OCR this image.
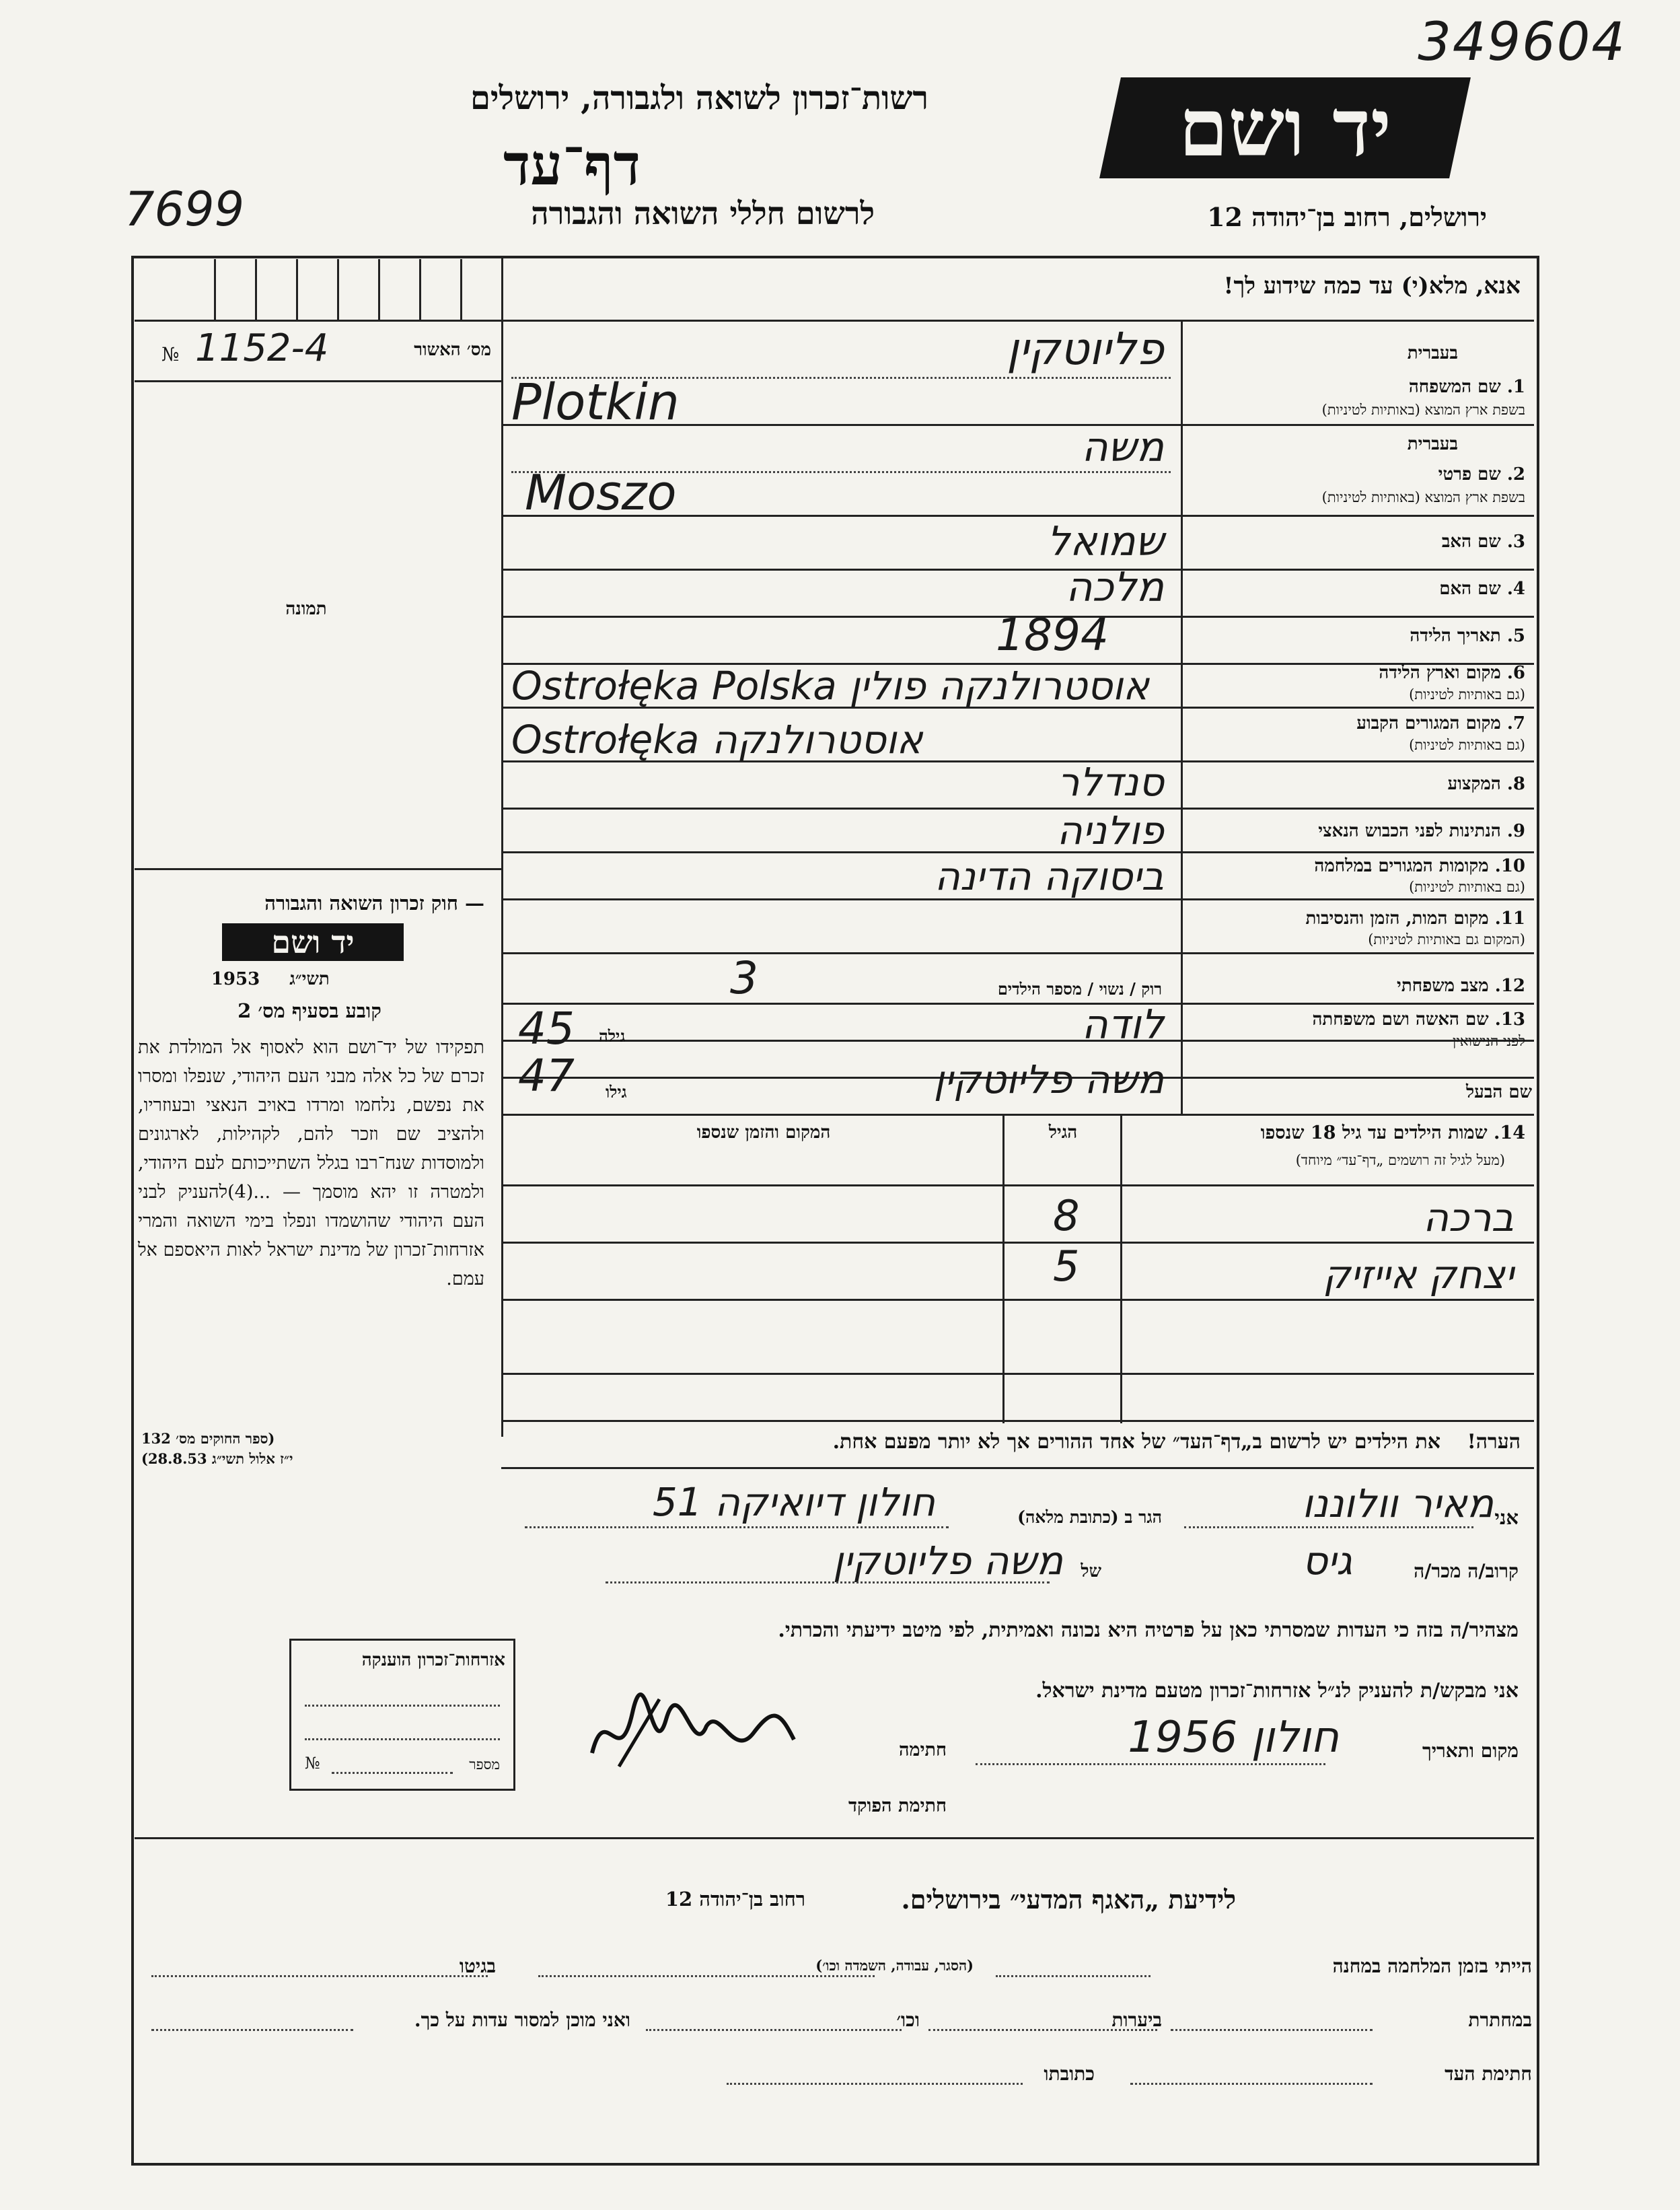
349604
7699
יד ושם
רשות־זכרון לשואה ולגבורה, ירושלים
דף־עד
לרשום חללי השואה והגבורה	ירושלים, רחוב בן־יהודה 12
אנא, מלא(י) עד כמה שידוע לך!
מס׳ האשור
1152-4
№
תמונה
— חוק זכרון השואה והגבורה
יד ושם
תשי״ג
1953
קובע בסעיף מס׳ 2
תפקידו של יד־ושם הוא לאסוף אל המולדת את זכרם של כל אלה מבני העם היהודי, שנפלו ומסרו את נפשם, נלחמו ומרדו באויב הנאצי ובעוזריו, ולהציב שם וזכר להם, לקהילות, לארגונים ולמוסדות שנח־רבו בגלל השתייכותם לעם היהודי, ולמטרה זו יהא מוסמך — ...(4)להעניק לבני העם היהודי שהושמדו ונפלו בימי השואה והמרי אזרחות־זכרון של מדינת ישראל לאות היאספם אל עמם.
(ספר החוקים מס׳ 132
י״ז אלול תשי״ג 28.8.53)
אזרחות־זכרון הוענקה
מספר
№
בעברית
1. שם המשפחה
בשפת ארץ המוצא (באותיות לטיניות)
פליוטקין
Plotkin
בעברית
2. שם פרטי
בשפת ארץ המוצא (באותיות לטיניות)
משה
Moszo
3. שם האב
שמואל
4. שם האם
מלכה
5. תאריך הלידה
1894
6. מקום וארץ הלידה
(גם באותיות לטיניות)
Ostrołęka Polska אוסטרולנקה פולין
7. מקום המגורים הקבוע
(גם באותיות לטיניות)
Ostrołęka אוסטרולנקה
8. המקצוע
סנדלר
9. הנתינות לפני הכבוש הנאצי
פולניה
10. מקומות המגורים במלחמה
(גם באותיות לטיניות)
ביסוקה הדינה
11. מקום המות, הזמן והנסיבות
(המקום גם באותיות לטיניות)
12. מצב משפחתי
רוק / נשוי / מספר הילדים
3
13. שם האשה ושם משפחתה
לפני הנישואין
לודה
גילה
45
שם הבעל
משה פליוטקין
גילו
47
14. שמות הילדים עד גיל 18 שנספו
(מעל לגיל זה רושמים „דף־עד״ מיוחד)
הגיל
המקום והזמן שנספו
ברכה
8
יצחק אייזיק
5
הערה! את הילדים יש לרשום ב„דף־העד״ של אחד ההורים אך לא יותר מפעם אחת.
אני
מאיר וולוננו
הגר ב (כתובת מלאה)
חולון דיואיקה 51
קרוב/ה מכר/ה
גיס
של
משה פליוטקין
מצהיר/ה בזה כי העדות שמסרתי כאן על פרטיה היא נכונה ואמיתית, לפי מיטב ידיעתי והכרתי.
אני מבקש/ת להעניק לנ״ל אזרחות־זכרון מטעם מדינת ישראל.
מקום ותאריך
חולון 1956
חתימה
חתימת הפוקד
לידיעת „האגף המדעי״ בירושלים.
רחוב בן־יהודה 12
הייתי בזמן המלחמה במחנה
(הסגר, עבודה, השמדה וכו׳)
בגיטו
במחתרת
ביערות
וכו׳
ואני מוכן למסור עדות על כך.
חתימת העד
כתובתו
